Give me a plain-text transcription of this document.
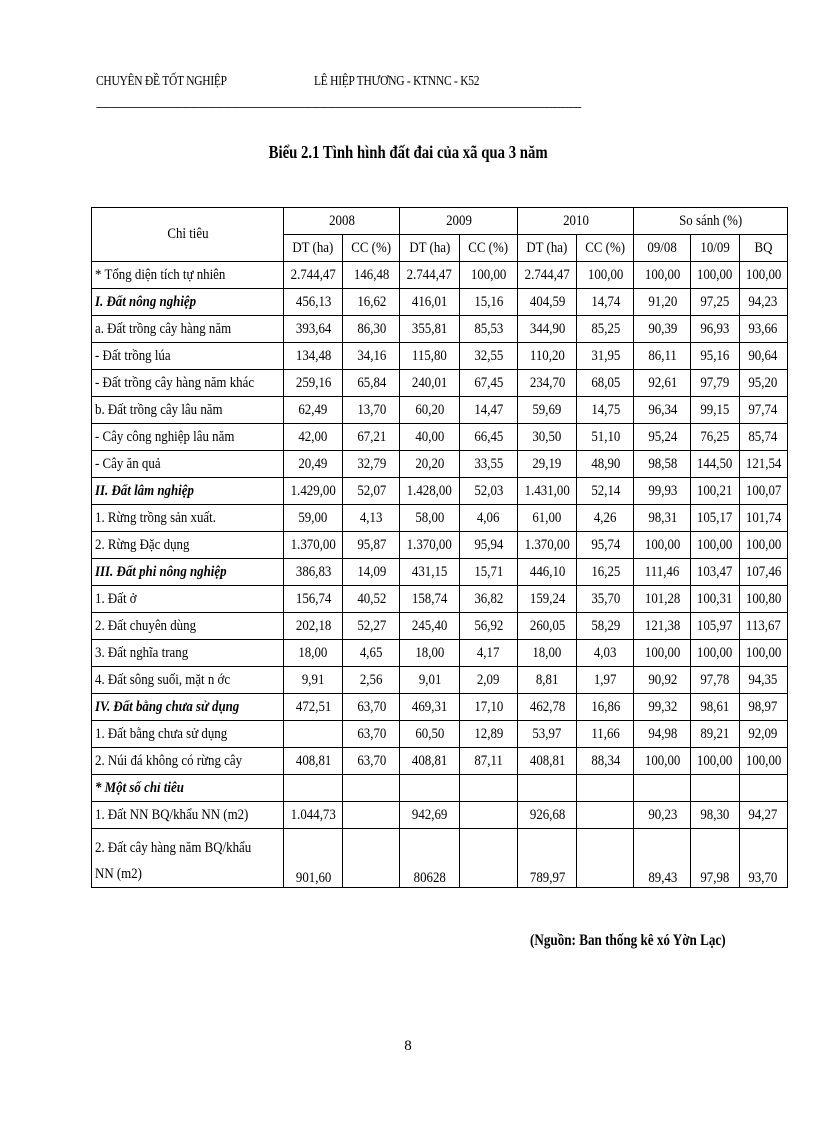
CHUYÊN ĐỀ TỐT NGHIỆP	LÊ HIỆP THƯƠNG - KTNNC - K52
--------------------------------------------------------------------------------------------------------------------------------------------------------------------------------------
Biểu 2.1 Tình hình đất đai của xã qua 3 năm
Chỉ tiêu	2008		2009		2010		So sánh (%)		
	DT (ha)	CC (%)	DT (ha)	CC (%)	DT (ha)	CC (%)	09/08	10/09	BQ
* Tổng diện tích tự nhiên	2.744,47	146,48	2.744,47	100,00	2.744,47	100,00	100,00	100,00	100,00
I. Đất nông nghiệp	456,13	16,62	416,01	15,16	404,59	14,74	91,20	97,25	94,23
a. Đất trồng cây hàng năm	393,64	86,30	355,81	85,53	344,90	85,25	90,39	96,93	93,66
- Đất trồng lúa	134,48	34,16	115,80	32,55	110,20	31,95	86,11	95,16	90,64
- Đất trồng cây hàng năm khác	259,16	65,84	240,01	67,45	234,70	68,05	92,61	97,79	95,20
b. Đất trồng cây lâu năm	62,49	13,70	60,20	14,47	59,69	14,75	96,34	99,15	97,74
- Cây công nghiệp lâu năm	42,00	67,21	40,00	66,45	30,50	51,10	95,24	76,25	85,74
- Cây ăn quả	20,49	32,79	20,20	33,55	29,19	48,90	98,58	144,50	121,54
II. Đất lâm nghiệp	1.429,00	52,07	1.428,00	52,03	1.431,00	52,14	99,93	100,21	100,07
1. Rừng trồng sản xuất.	59,00	4,13	58,00	4,06	61,00	4,26	98,31	105,17	101,74
2. Rừng Đặc dụng	1.370,00	95,87	1.370,00	95,94	1.370,00	95,74	100,00	100,00	100,00
III. Đất phi nông nghiệp	386,83	14,09	431,15	15,71	446,10	16,25	111,46	103,47	107,46
1. Đất ở	156,74	40,52	158,74	36,82	159,24	35,70	101,28	100,31	100,80
2. Đất chuyên dùng	202,18	52,27	245,40	56,92	260,05	58,29	121,38	105,97	113,67
3. Đất nghĩa trang	18,00	4,65	18,00	4,17	18,00	4,03	100,00	100,00	100,00
4. Đất sông suối, mặt n ớc	9,91	2,56	9,01	2,09	8,81	1,97	90,92	97,78	94,35
IV. Đất bằng chưa sử dụng	472,51	63,70	469,31	17,10	462,78	16,86	99,32	98,61	98,97
1. Đất bằng chưa sử dụng		63,70	60,50	12,89	53,97	11,66	94,98	89,21	92,09
2. Núi đá không có rừng cây	408,81	63,70	408,81	87,11	408,81	88,34	100,00	100,00	100,00
* Một số chỉ tiêu									
1. Đất NN BQ/khẩu NN (m2)	1.044,73		942,69		926,68		90,23	98,30	94,27
2. Đất cây hàng năm BQ/khẩu NN (m2)	901,60		80628		789,97		89,43	97,98	93,70
(Nguồn: Ban thống kê xó Yờn Lạc)
8
